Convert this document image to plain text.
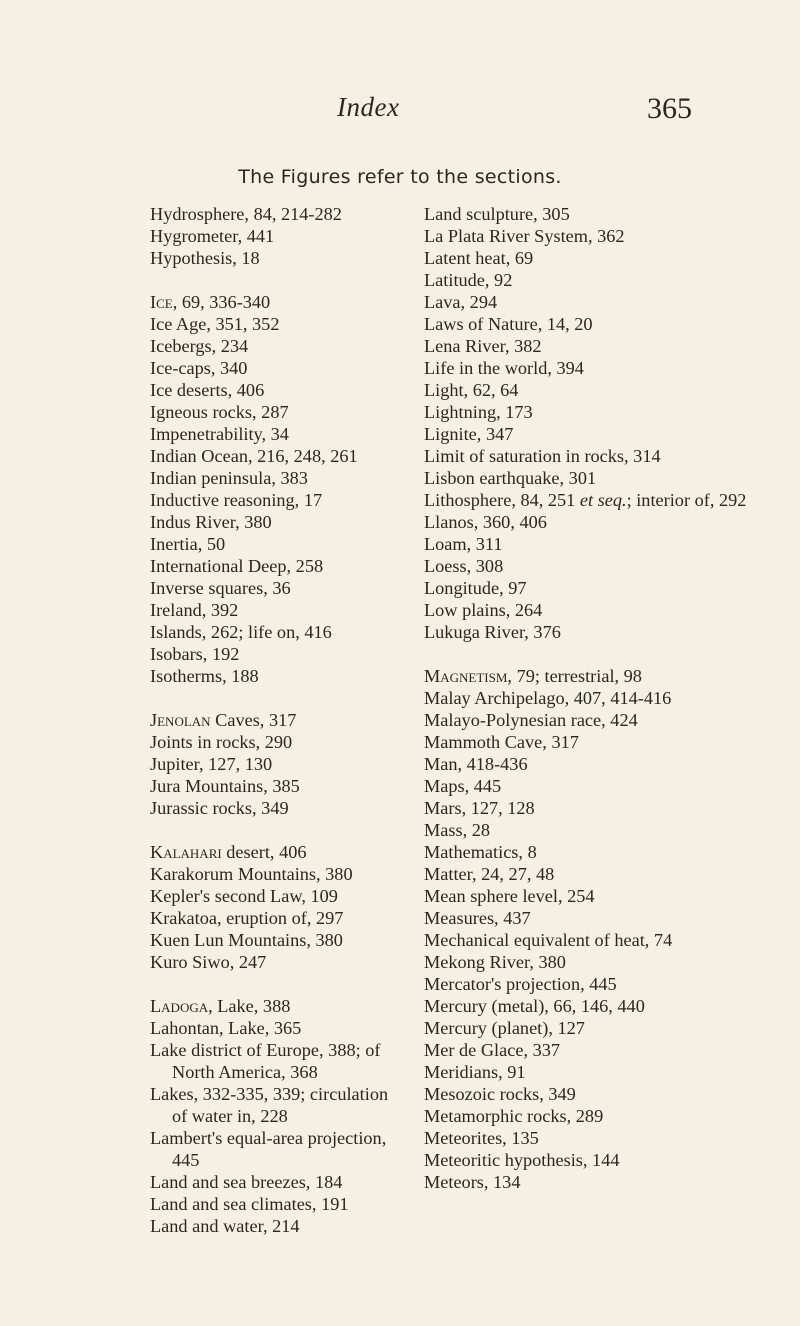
Index	365
The Figures refer to the sections.
Hydrosphere, 84, 214-282
Hygrometer, 441
Hypothesis, 18
Ice, 69, 336-340
Ice Age, 351, 352
Icebergs, 234
Ice-caps, 340
Ice deserts, 406
Igneous rocks, 287
Impenetrability, 34
Indian Ocean, 216, 248, 261
Indian peninsula, 383
Inductive reasoning, 17
Indus River, 380
Inertia, 50
International Deep, 258
Inverse squares, 36
Ireland, 392
Islands, 262; life on, 416
Isobars, 192
Isotherms, 188
Jenolan Caves, 317
Joints in rocks, 290
Jupiter, 127, 130
Jura Mountains, 385
Jurassic rocks, 349
Kalahari desert, 406
Karakorum Mountains, 380
Kepler's second Law, 109
Krakatoa, eruption of, 297
Kuen Lun Mountains, 380
Kuro Siwo, 247
Ladoga, Lake, 388
Lahontan, Lake, 365
Lake district of Europe, 388; of North America, 368
Lakes, 332-335, 339; circulation of water in, 228
Lambert's equal-area projection, 445
Land and sea breezes, 184
Land and sea climates, 191
Land and water, 214
Land sculpture, 305
La Plata River System, 362
Latent heat, 69
Latitude, 92
Lava, 294
Laws of Nature, 14, 20
Lena River, 382
Life in the world, 394
Light, 62, 64
Lightning, 173
Lignite, 347
Limit of saturation in rocks, 314
Lisbon earthquake, 301
Lithosphere, 84, 251 et seq.; interior of, 292
Llanos, 360, 406
Loam, 311
Loess, 308
Longitude, 97
Low plains, 264
Lukuga River, 376
Magnetism, 79; terrestrial, 98
Malay Archipelago, 407, 414-416
Malayo-Polynesian race, 424
Mammoth Cave, 317
Man, 418-436
Maps, 445
Mars, 127, 128
Mass, 28
Mathematics, 8
Matter, 24, 27, 48
Mean sphere level, 254
Measures, 437
Mechanical equivalent of heat, 74
Mekong River, 380
Mercator's projection, 445
Mercury (metal), 66, 146, 440
Mercury (planet), 127
Mer de Glace, 337
Meridians, 91
Mesozoic rocks, 349
Metamorphic rocks, 289
Meteorites, 135
Meteoritic hypothesis, 144
Meteors, 134
